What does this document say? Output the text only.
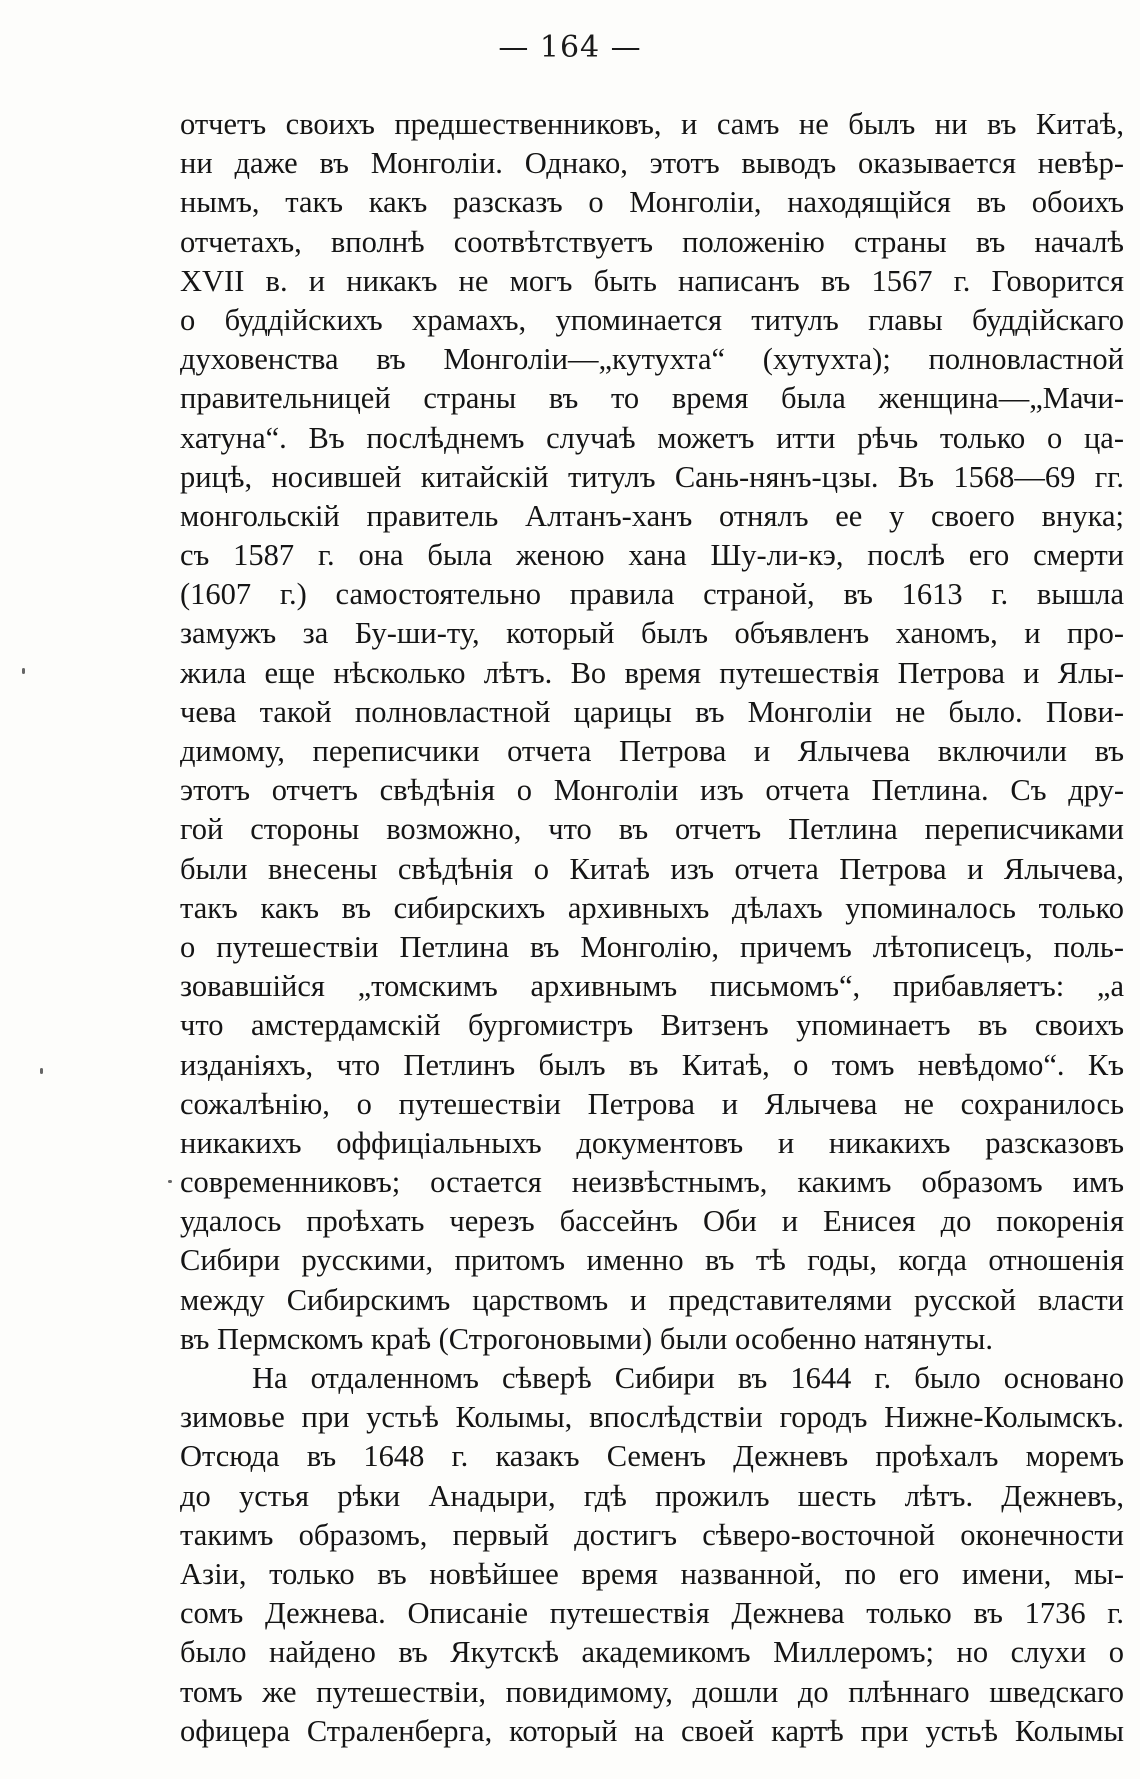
— 164 —
отчетъ своихъ предшественниковъ, и самъ не былъ ни въ Китаѣ,
ни даже въ Монголіи. Однако, этотъ выводъ оказывается невѣр-
нымъ, такъ какъ разсказъ о Монголіи, находящійся въ обоихъ
отчетахъ, вполнѣ соотвѣтствуетъ положенію страны въ началѣ
XVII в. и никакъ не могъ быть написанъ въ 1567 г. Говорится
о буддійскихъ храмахъ, упоминается титулъ главы буддійскаго
духовенства въ Монголіи—„кутухта“ (хутухта); полновластной
правительницей страны въ то время была женщина—„Мачи-
хатуна“. Въ послѣднемъ случаѣ можетъ итти рѣчь только о ца-
рицѣ, носившей китайскій титулъ Сань-нянъ-цзы. Въ 1568—69 гг.
монгольскій правитель Алтанъ-ханъ отнялъ ее у своего внука;
съ 1587 г. она была женою хана Шу-ли-кэ, послѣ его смерти
(1607 г.) самостоятельно правила страной, въ 1613 г. вышла
замужъ за Бу-ши-ту, который былъ объявленъ ханомъ, и про-
жила еще нѣсколько лѣтъ. Во время путешествія Петрова и Ялы-
чева такой полновластной царицы въ Монголіи не было. Пови-
димому, переписчики отчета Петрова и Ялычева включили въ
этотъ отчетъ свѣдѣнія о Монголіи изъ отчета Петлина. Съ дру-
гой стороны возможно, что въ отчетъ Петлина переписчиками
были внесены свѣдѣнія о Китаѣ изъ отчета Петрова и Ялычева,
такъ какъ въ сибирскихъ архивныхъ дѣлахъ упоминалось только
о путешествіи Петлина въ Монголію, причемъ лѣтописецъ, поль-
зовавшійся „томскимъ архивнымъ письмомъ“, прибавляетъ: „а
что амстердамскій бургомистръ Витзенъ упоминаетъ въ своихъ
изданіяхъ, что Петлинъ былъ въ Китаѣ, о томъ невѣдомо“. Къ
сожалѣнію, о путешествіи Петрова и Ялычева не сохранилось
никакихъ оффиціальныхъ документовъ и никакихъ разсказовъ
современниковъ; остается неизвѣстнымъ, какимъ образомъ имъ
удалось проѣхать черезъ бассейнъ Оби и Енисея до покоренія
Сибири русскими, притомъ именно въ тѣ годы, когда отношенія
между Сибирскимъ царствомъ и представителями русской власти
въ Пермскомъ краѣ (Строгоновыми) были особенно натянуты.
На отдаленномъ сѣверѣ Сибири въ 1644 г. было основано
зимовье при устьѣ Колымы, впослѣдствіи городъ Нижне-Колымскъ.
Отсюда въ 1648 г. казакъ Семенъ Дежневъ проѣхалъ моремъ
до устья рѣки Анадыри, гдѣ прожилъ шесть лѣтъ. Дежневъ,
такимъ образомъ, первый достигъ сѣверо-восточной оконечности
Азіи, только въ новѣйшее время названной, по его имени, мы-
сомъ Дежнева. Описаніе путешествія Дежнева только въ 1736 г.
было найдено въ Якутскѣ академикомъ Миллеромъ; но слухи о
томъ же путешествіи, повидимому, дошли до плѣннаго шведскаго
офицера Страленберга, который на своей картѣ при устьѣ Колымы
